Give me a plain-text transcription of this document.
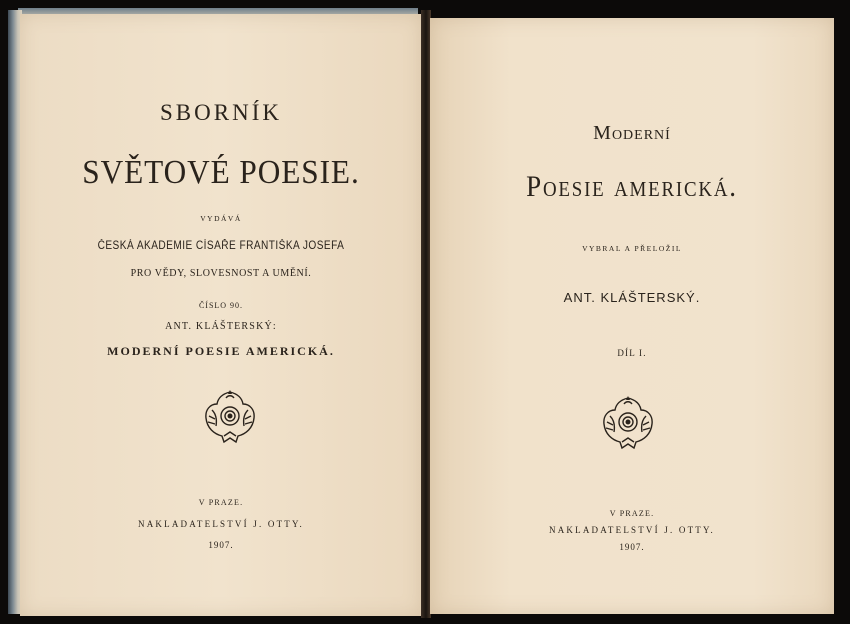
SBORNÍK
SVĚTOVÉ POESIE.
VYDÁVÁ
ČESKÁ AKADEMIE CÍSAŘE FRANTIŠKA JOSEFA
PRO VĚDY, SLOVESNOST A UMĚNÍ.
ČÍSLO 90.
ANT. KLÁŠTERSKÝ:
MODERNÍ POESIE AMERICKÁ.
V PRAZE.
NAKLADATELSTVÍ J. OTTY.
1907.
Moderní
Poesie americká.
VYBRAL A PŘELOŽIL
ANT. KLÁŠTERSKÝ.
DÍL I.
V PRAZE.
NAKLADATELSTVÍ J. OTTY.
1907.
